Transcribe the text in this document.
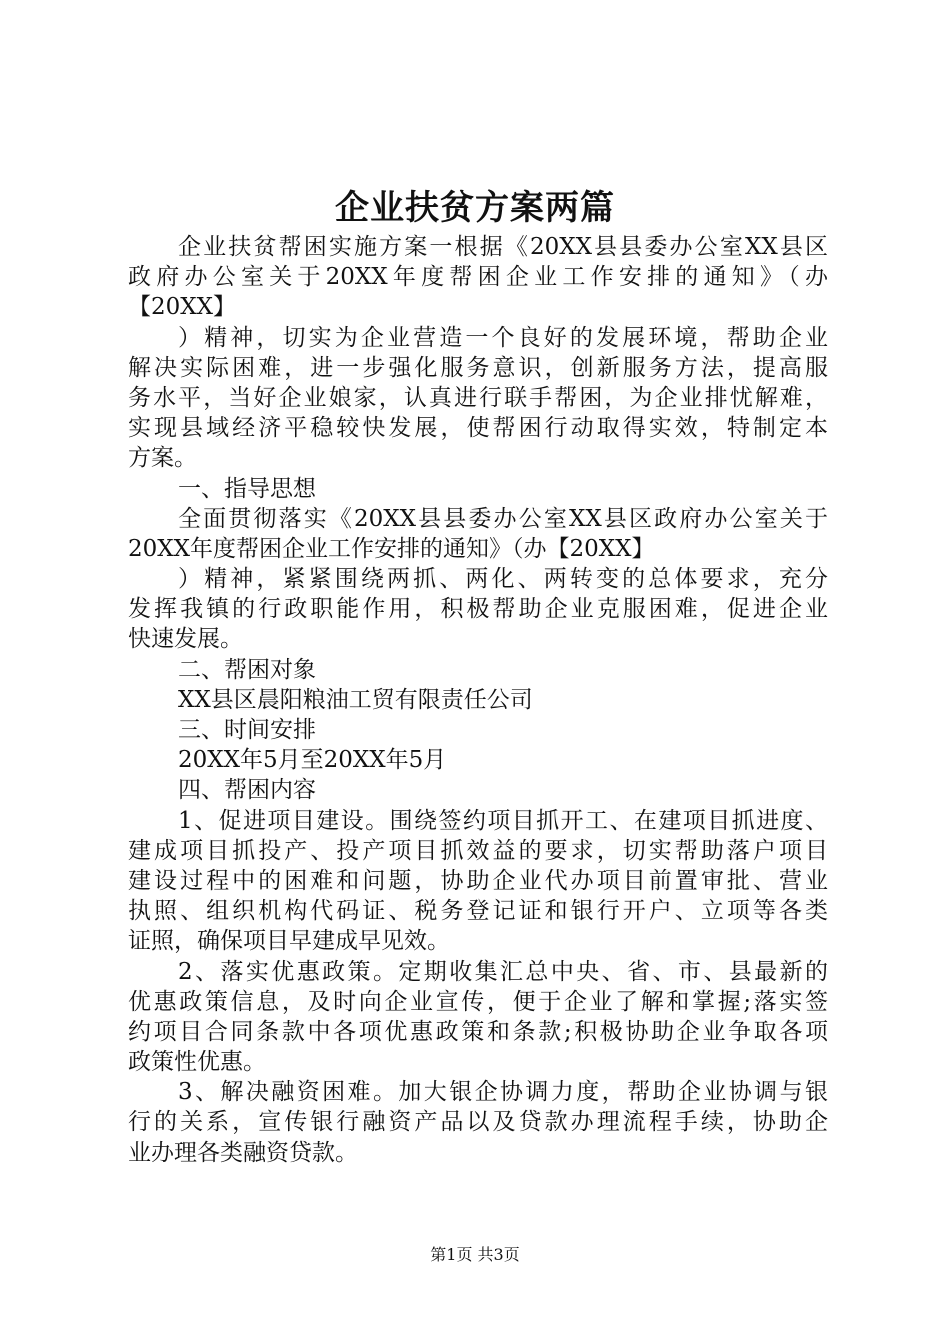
企业扶贫方案两篇
企业扶贫帮困实施方案一根据《20XX县县委办公室XX县区
政府办公室关于20XX年度帮困企业工作安排的通知》（办
【20XX】
）精神，切实为企业营造一个良好的发展环境，帮助企业
解决实际困难，进一步强化服务意识，创新服务方法，提高服
务水平，当好企业娘家，认真进行联手帮困，为企业排忧解难，
实现县域经济平稳较快发展，使帮困行动取得实效，特制定本
方案。
一、指导思想
全面贯彻落实《20XX县县委办公室XX县区政府办公室关于
20XX年度帮困企业工作安排的通知》（办【20XX】
）精神，紧紧围绕两抓、两化、两转变的总体要求，充分
发挥我镇的行政职能作用，积极帮助企业克服困难，促进企业
快速发展。
二、帮困对象
XX县区晨阳粮油工贸有限责任公司
三、时间安排
20XX年5月至20XX年5月
四、帮困内容
1、促进项目建设。围绕签约项目抓开工、在建项目抓进度、
建成项目抓投产、投产项目抓效益的要求，切实帮助落户项目
建设过程中的困难和问题，协助企业代办项目前置审批、营业
执照、组织机构代码证、税务登记证和银行开户、立项等各类
证照，确保项目早建成早见效。
2、落实优惠政策。定期收集汇总中央、省、市、县最新的
优惠政策信息，及时向企业宣传，便于企业了解和掌握;落实签
约项目合同条款中各项优惠政策和条款;积极协助企业争取各项
政策性优惠。
3、解决融资困难。加大银企协调力度，帮助企业协调与银
行的关系，宣传银行融资产品以及贷款办理流程手续，协助企
业办理各类融资贷款。
第1页 共3页
